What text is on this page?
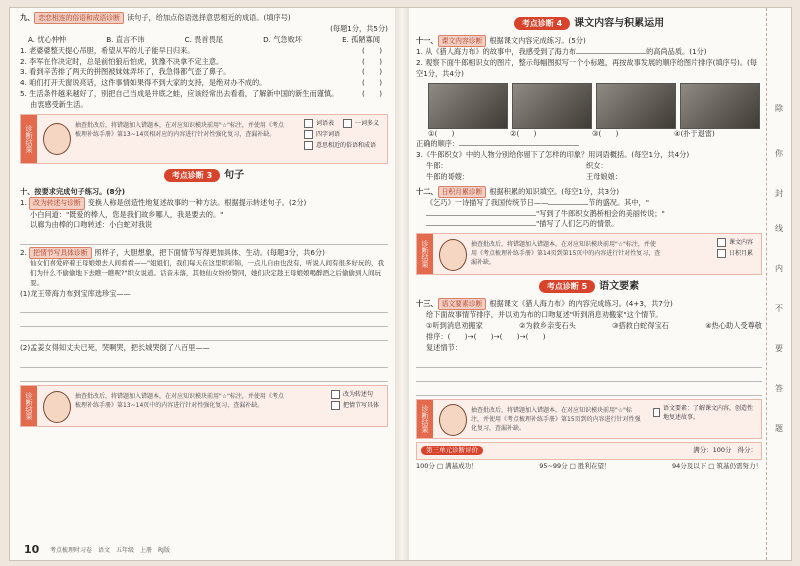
九、 恋恋相连的俗语和成语诊断 读句子，给加点俗语选择意思相近的成语。(填序号)
(每题1分，共5分)
A. 忧心忡忡	B. 直言不讳	C. 畏首畏尾	D. 气急败坏	E. 孤陋寡闻
1. 老婆婆整天提心吊胆，希望从军的儿子能早日归来。	(　　)
2. 李军在作决定时，总是前怕狼后怕虎，犹豫不决拿不定主意。	(　　)
3. 看到辛苦排了两天的拼图被妹妹弄坏了，我急得都气歪了鼻子。	(　　)
4. 咱们打开天窗说亮话，这件事情如果得不到大家的支持，是绝对办不成的。	(　　)
5. 生活条件越来越好了，别把自己当成是井底之蛙，应该经常出去看看，了解新中国的新生而谨慎。	(　　)
由衷感受新生活。
诊断结果	抽查批改后，将错题加入错题本，在对应知识模块前用"☆"标注，并使用《考点梳理补练手册》第13~14页相对应的内容进行针对性强化复习，查漏补缺。
词语表	一词多义
四字词语
意思相近的俗语和成语
考点诊断 3	句子
十、按要求完成句子练习。(8分)
1. 改为转述与诊断 变换人称是创造性地复述故事的一种方法。根据提示转述句子。(2分)
小白问道："既爱的棒人，您是我们故乡哪人，我是要去的。"
以廊为由棒的口吻转述：小白蛇对我说
2. 把情节写具体诊断 照样子，大胆想象，把下面情节写得更加具体、生动。(每题3分，共6分)
仙女们喜爱碎着王母娘娘去人间看看——"姐姐们，我们每天在这里织彩锦，一点儿自由也没有，听说人间有很多好玩的，我们为什么不偷偷地下去瞧一瞧呢?"织女说道。话音未落，其他仙女纷纷赞同，她们决定趁王母娘娘喝醉酒之后偷偷到人间玩耍。
(1)龙王带海力布到宝库选珍宝——
(2)孟姜女得知丈夫已死，哭啊哭，把长城哭倒了八百里——
诊断结果	抽查批改后，将错题加入错题本，在对应知识模块前用"☆"标注，并使用《考点梳理补练手册》第13~14页中的内容进行针对性强化复习，查漏补缺。
改为转述句
把情节写具体
10 考点梳理时习卷　语文　五年级　上册　RJ版
考点诊断 4	课文内容与积累运用
十一、 课文内容诊断 根据课文内容完成练习。(5分)
1. 从《猎人海力布》的故事中，我感受到了海力布	的高尚品质。(1分)
2. 观察下面牛郎相识女的图片，整示每幅图拟写一个小标题，再按故事发展的顺序给图片排序(填序号)。(每空1分，共4分)
①(　　)	②(　　)	③(　　)	④(扑于退雷)
正确的顺序：
3.《牛郎织女》中的人物分别给你留下了怎样的印象？用词语概括。(每空1分，共4分)
牛郎：	织女：
牛郎的哥嫂：	王母娘娘：
十二、 日积月累诊断 根据积累的知识填空。(每空1分，共3分)
《乞巧》一诗描写了我国传统节日——	节的盛况。其中，"
"写到了牛郎织女鹊桥相会的美丽传说；"
"描写了人们乞巧的情景。
诊断结果	抽查批改后，将错题加入错题本，在对应知识模块前用"☆"标注，并使用《考点梳理补练手册》第14页到第15页中的内容进行针对性复习，查漏补缺。
课文内容
日积月累
考点诊断 5	语文要素
十三、 语文要素诊断 根据课文《猎人海力布》的内容完成练习。(4+3，共7分)
给下面故事情节排序，并以劝为布的口吻复述"听到消息劝搬家"这个情节。
①听到消息劝搬家	②为救乡亲变石头	③搭救白蛇得宝石	④热心助人受尊敬
排序：(　　)→(　　)→(　　)→(　　)
复述情节：
诊断结果	抽查批改后，将错题加入错题本，在对应知识模块前用"☆"标注，并使用《考点梳理补练手册》第15页到的内容进行针对性强化复习，查漏补缺。
语文要素：了解课文内容，创造性地复述故事。
第三单元诊断评价	满分：100分 得分：
100分 □ 满基成功！	95~99分 □ 胜利在望！	94分及以下 □ 筑基仍需努力！
除
你
封
线
内
不
要
答
题
